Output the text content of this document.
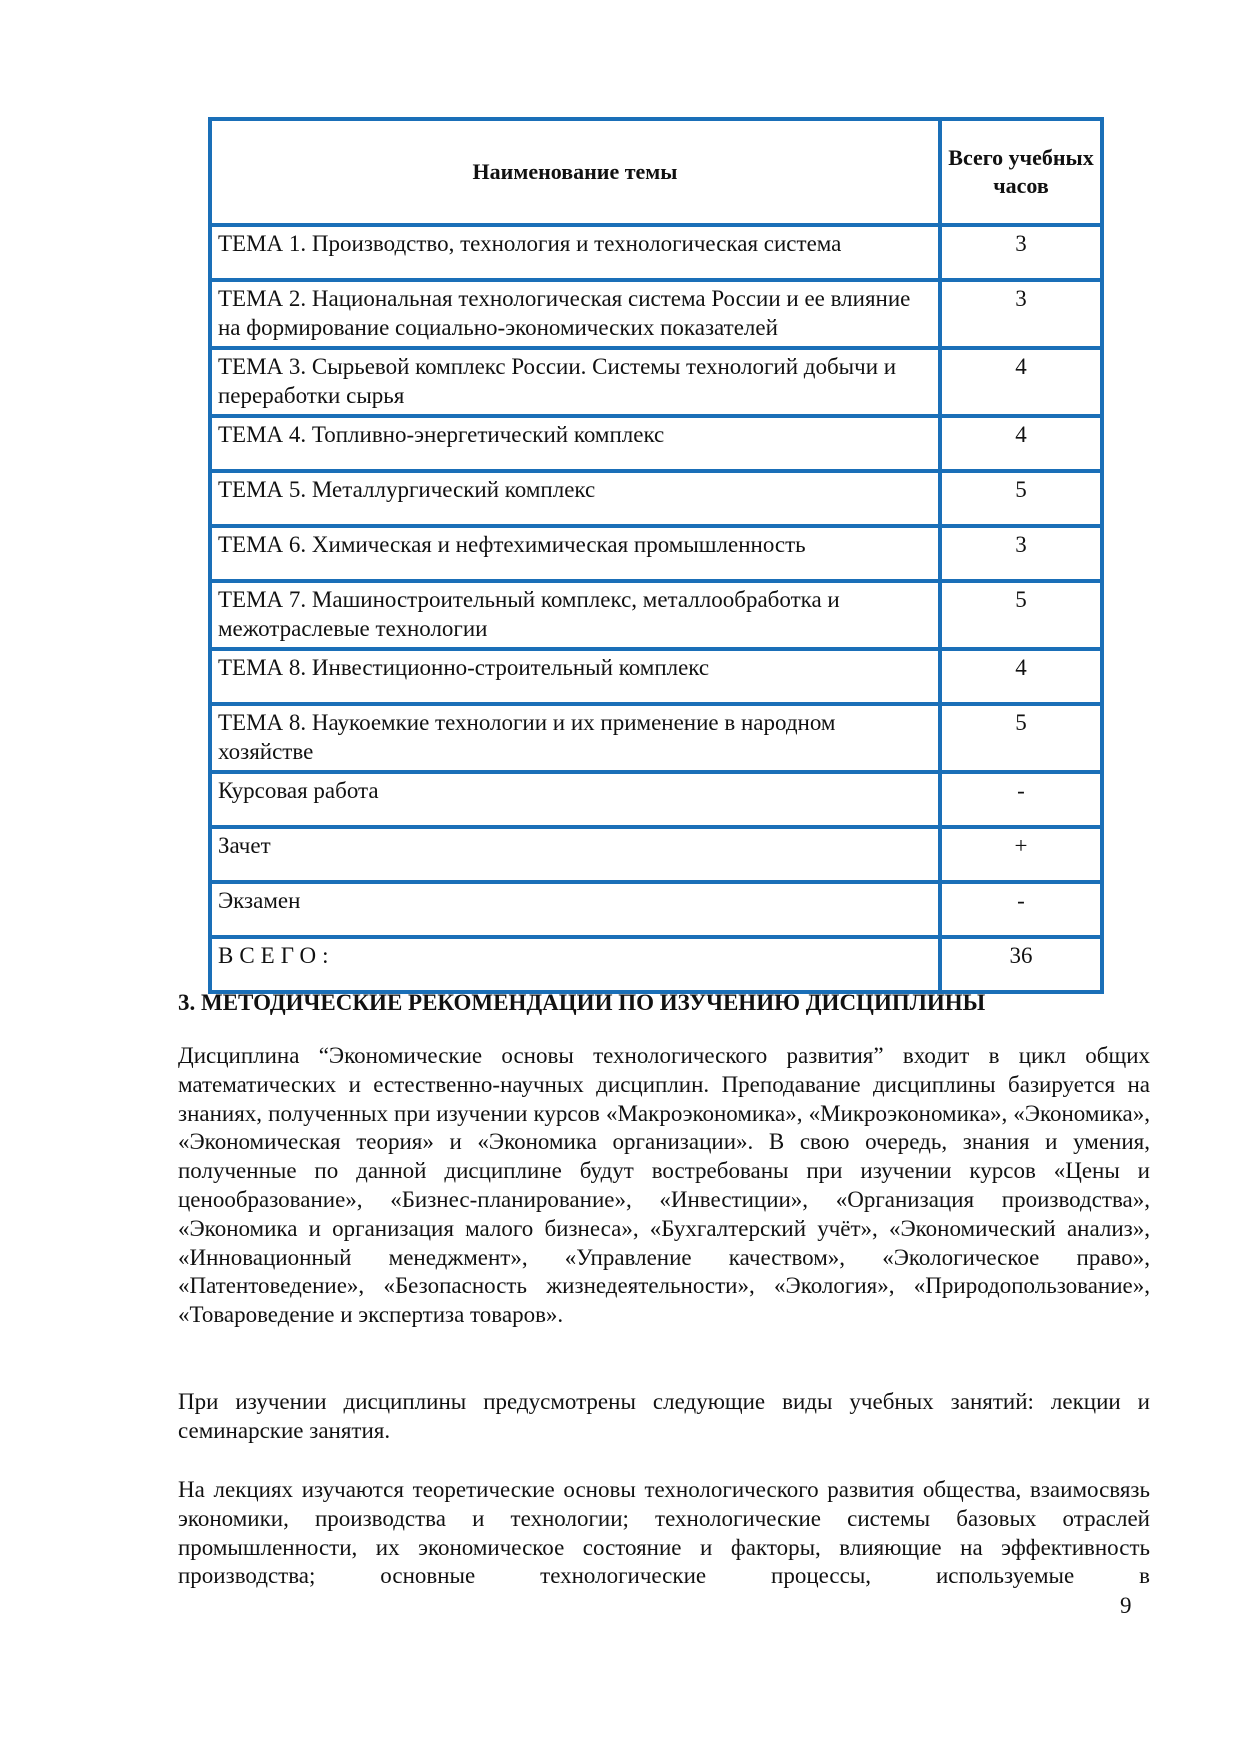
Наименование темы	Всего учебных часов
ТЕМА 1. Производство, технология и технологическая система	3
ТЕМА 2. Национальная технологическая система России и ее влияние на формирование социально-экономических показателей	3
ТЕМА 3. Сырьевой комплекс России. Системы технологий добычи и переработки сырья	4
ТЕМА 4. Топливно-энергетический комплекс	4
ТЕМА 5. Металлургический комплекс	5
ТЕМА 6. Химическая и нефтехимическая промышленность	3
ТЕМА 7. Машиностроительный комплекс, металлообработка и межотраслевые технологии	5
ТЕМА 8. Инвестиционно-строительный комплекс	4
ТЕМА 8. Наукоемкие технологии и их применение в народном хозяйстве	5
Курсовая работа	-
Зачет	+
Экзамен	-
ВСЕГО:	36
3. МЕТОДИЧЕСКИЕ РЕКОМЕНДАЦИИ ПО ИЗУЧЕНИЮ ДИСЦИПЛИНЫ

Дисциплина “Экономические основы технологического развития” входит в цикл общих математических и естественно-научных дисциплин. Преподавание дисциплины базируется на знаниях, полученных при изучении курсов «Макроэкономика», «Микроэкономика», «Экономика», «Экономическая теория» и «Экономика организации». В свою очередь, знания и умения, полученные по данной дисциплине будут востребованы при изучении курсов «Цены и ценообразование», «Бизнес-планирование», «Инвестиции», «Организация производства», «Экономика и организация малого бизнеса», «Бухгалтерский учёт», «Экономический анализ», «Инновационный менеджмент», «Управление качеством», «Экологическое право», «Патентоведение», «Безопасность жизнедеятельности», «Экология», «Природопользование», «Товароведение и экспертиза товаров».

При изучении дисциплины предусмотрены следующие виды учебных занятий: лекции и семинарские занятия.

На лекциях изучаются теоретические основы технологического развития общества, взаимосвязь экономики, производства и технологии; технологические системы базовых отраслей промышленности, их экономическое состояние и факторы, влияющие на эффективность производства; основные технологические процессы, используемые в

9
